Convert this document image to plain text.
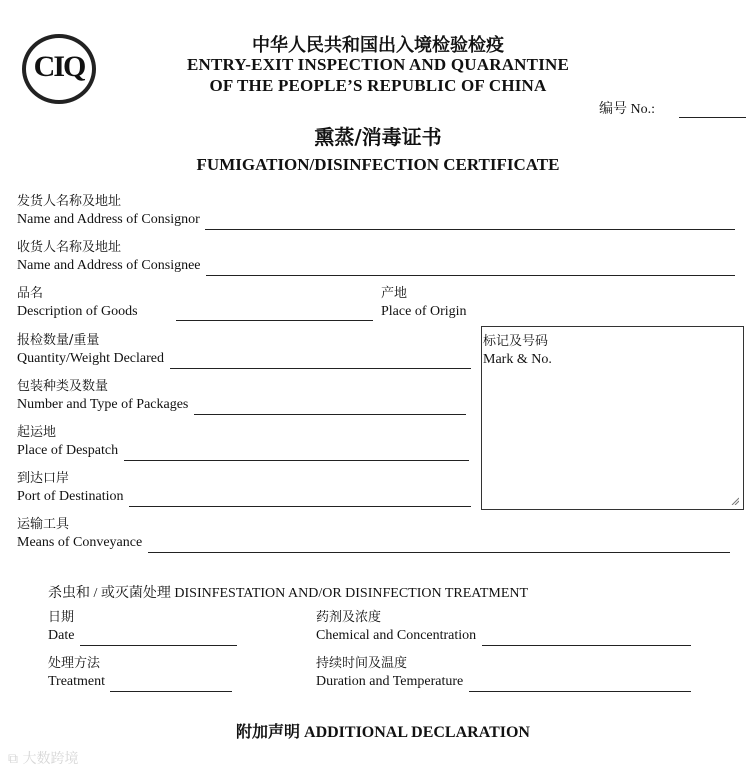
CIQ
中华人民共和国出入境检验检疫
ENTRY-EXIT INSPECTION AND QUARANTINE
OF THE PEOPLE’S REPUBLIC OF CHINA
编号 No.:
熏蒸/消毒证书
FUMIGATION/DISINFECTION CERTIFICATE
发货人名称及地址
Name and Address of Consignor
收货人名称及地址
Name and Address of Consignee
品名
Description of Goods
产地
Place of Origin
报检数量/重量
Quantity/Weight Declared
包装种类及数量
Number and Type of Packages
起运地
Place of Despatch
到达口岸
Port of Destination
标记及号码
Mark & No.
运输工具
Means of Conveyance
杀虫和 / 或灭菌处理 DISINFESTATION AND/OR DISINFECTION TREATMENT
日期
Date
药剂及浓度
Chemical and Concentration
处理方法
Treatment
持续时间及温度
Duration and Temperature
附加声明 ADDITIONAL DECLARATION
⧉ 大数跨境
